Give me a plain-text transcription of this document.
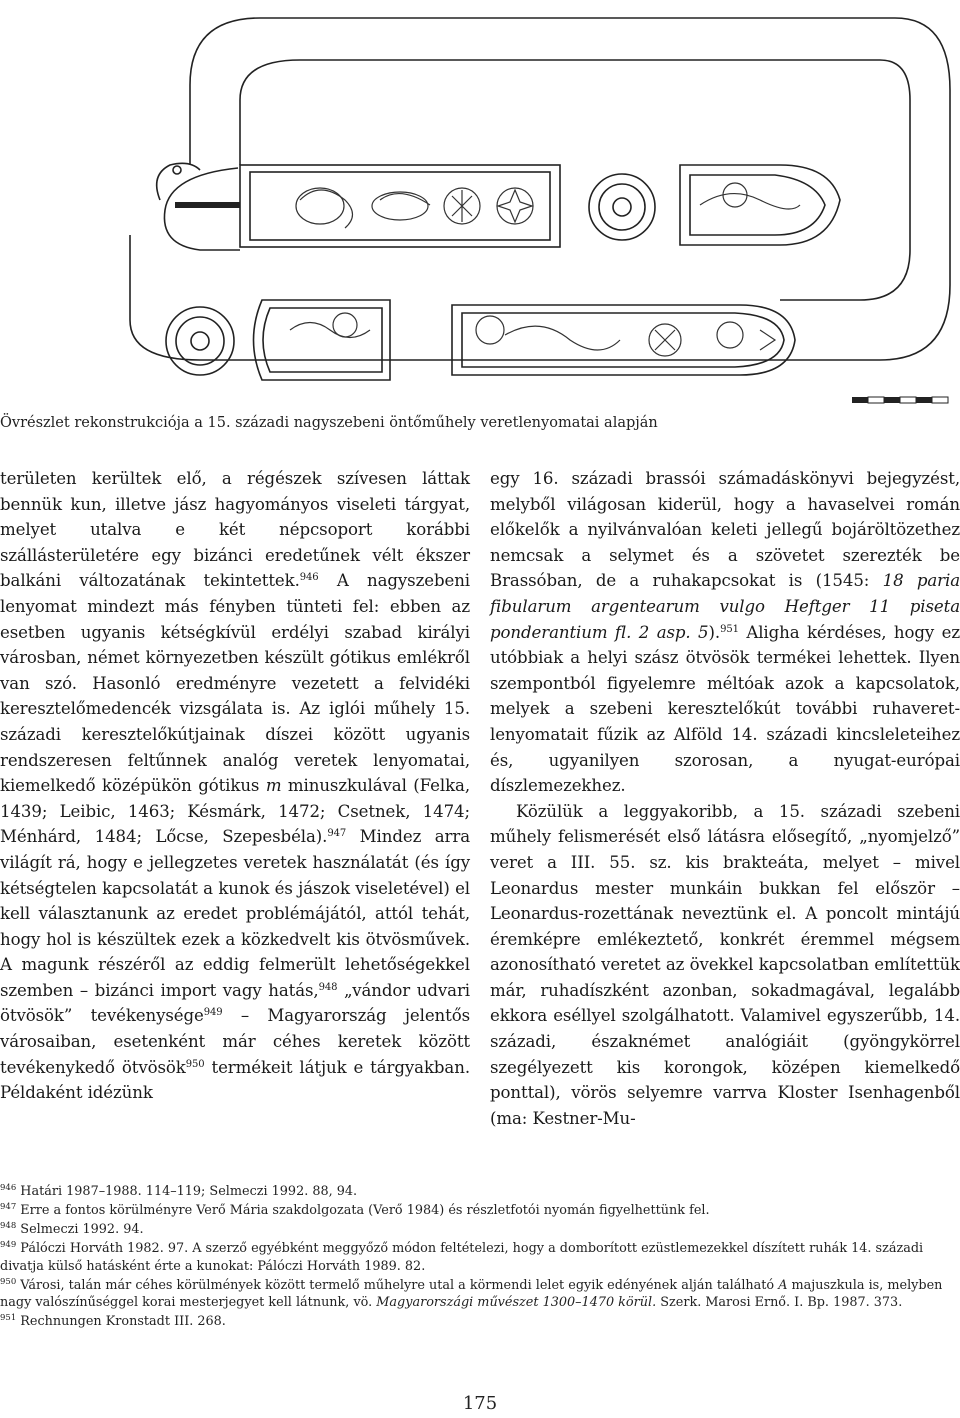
Övrészlet rekonstrukciója a 15. századi nagyszebeni öntőműhely veretlenyomatai alapján

területen kerültek elő, a régészek szívesen láttak bennük kun, illetve jász hagyományos viseleti tárgyat, melyet utalva e két népcsoport korábbi szállásterületére egy bizánci eredetűnek vélt ékszer balkáni változatának tekintettek.$^{946}$ A nagyszebeni lenyomat mindezt más fényben tünteti fel: ebben az esetben ugyanis kétségkívül erdélyi szabad királyi városban, német környezetben készült gótikus emlékről van szó. Hasonló eredményre vezetett a felvidéki keresztelőmedencék vizsgálata is. Az iglói műhely 15. századi keresztelőkútjainak díszei között ugyanis rendszeresen feltűnnek analóg veretek lenyomatai, kiemelkedő középükön gótikus m minuszkulával (Felka, 1439; Leibic, 1463; Késmárk, 1472; Csetnek, 1474; Ménhárd, 1484; Lőcse, Szepesbéla).$^{947}$ Mindez arra világít rá, hogy e jellegzetes veretek használatát (és így kétségtelen kapcsolatát a kunok és jászok viseletével) el kell választanunk az eredet problémájától, attól tehát, hogy hol is készültek ezek a közkedvelt kis ötvösművek. A magunk részéről az eddig felmerült lehetőségekkel szemben – bizánci import vagy hatás,$^{948}$ „vándor udvari ötvösök” tevékenysége$^{949}$ – Magyarország jelentős városaiban, esetenként már céhes keretek között tevékenykedő ötvösök$^{950}$ termékeit látjuk e tárgyakban. Példaként idézünk

egy 16. századi brassói számadáskönyvi bejegyzést, melyből világosan kiderül, hogy a havaselvei román előkelők a nyilvánvalóan keleti jellegű bojáröltözethez nemcsak a selymet és a szövetet szerezték be Brassóban, de a ruhakapcsokat is (1545: 18 paria fibularum argentearum vulgo Heftger 11 piseta ponderantium fl. 2 asp. 5).$^{951}$ Aligha kérdéses, hogy ez utóbbiak a helyi szász ötvösök termékei lehettek. Ilyen szempontból figyelemre méltóak azok a kapcsolatok, melyek a szebeni keresztelőkút további ruhaveret-lenyomatait fűzik az Alföld 14. századi kincsleleteihez és, ugyanilyen szorosan, a nyugat-európai díszlemezekhez.

Közülük a leggyakoribb, a 15. századi szebeni műhely felismerését első látásra elősegítő, „nyomjelző” veret a III. 55. sz. kis brakteáta, melyet – mivel Leonardus mester munkáin bukkan fel először – Leonardus-rozettának neveztünk el. A poncolt mintájú éremképre emlékeztető, konkrét éremmel mégsem azonosítható veretet az övekkel kapcsolatban említettük már, ruhadíszként azonban, sokadmagával, legalább ekkora eséllyel szolgálhatott. Valamivel egyszerűbb, 14. századi, északnémet analógiáit (gyöngykörrel szegélyezett kis korongok, középen kiemelkedő ponttal), vörös selyemre varrva Kloster Isenhagenből (ma: Kestner-Mu-

$^{946}$ Határi 1987–1988. 114–119; Selmeczi 1992. 88, 94.

$^{947}$ Erre a fontos körülményre Verő Mária szakdolgozata (Verő 1984) és részletfotói nyomán figyelhettünk fel.

$^{948}$ Selmeczi 1992. 94.

$^{949}$ Pálóczi Horváth 1982. 97. A szerző egyébként meggyőző módon feltételezi, hogy a domborított ezüstlemezekkel díszített ruhák 14. századi divatja külső hatásként érte a kunokat: Pálóczi Horváth 1989. 82.

$^{950}$ Városi, talán már céhes körülmények között termelő műhelyre utal a körmendi lelet egyik edényének alján található A majuszkula is, melyben nagy valószínűséggel korai mesterjegyet kell látnunk, vö. Magyarországi művészet 1300–1470 körül. Szerk. Marosi Ernő. I. Bp. 1987. 373.

$^{951}$ Rechnungen Kronstadt III. 268.

175
